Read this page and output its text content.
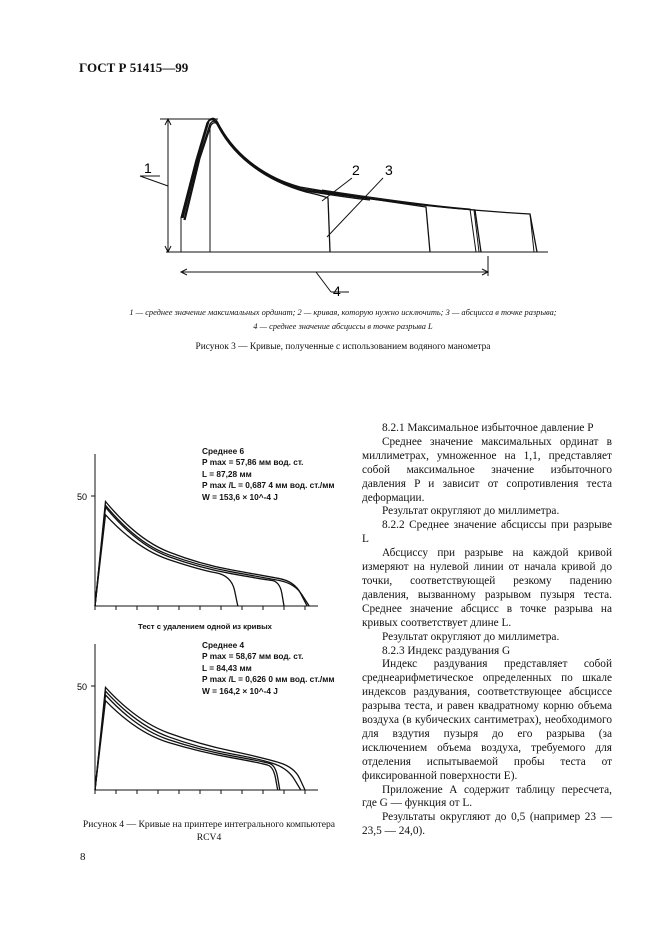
ГОСТ Р 51415—99
1	2 3
4
50
50
1 — среднее значение максимальных ординат; 2 — кривая, которую нужно исключить; 3 — абсцисса в точке разрыва;
4 — среднее значение абсциссы в точке разрыва L
Рисунок 3 — Кривые, полученные с использованием водяного манометра
Среднее 6
P max = 57,86 мм вод. ст.
L = 87,28 мм
P max /L = 0,687 4 мм вод. ст./мм
W = 153,6 × 10^-4 J
Тест с удалением одной из кривых
Среднее 4
P max = 58,67 мм вод. ст.
L = 84,43 мм
P max /L = 0,626 0 мм вод. ст./мм
W = 164,2 × 10^-4 J
Рисунок 4 — Кривые на принтере интегрального компьютера RCV4

8.2.1 Максимальное избыточное давление P

Среднее значение максимальных ординат в миллиметрах, умноженное на 1,1, представляет собой максимальное значение избыточного давления P и зависит от сопротивления теста деформации.

Результат округляют до миллиметра.

8.2.2 Среднее значение абсциссы при разрыве L

Абсциссу при разрыве на каждой кривой измеряют на нулевой линии от начала кривой до точки, соответствующей резкому падению давления, вызванному разрывом пузыря теста. Среднее значение абсцисс в точке разрыва на кривых соответствует длине L.

Результат округляют до миллиметра.

8.2.3 Индекс раздувания G

Индекс раздувания представляет собой среднеарифметическое определенных по шкале индексов раздувания, соответствующее абсциссе разрыва теста, и равен квадратному корню объема воздуха (в кубических сантиметрах), необходимого для вздутия пузыря до его разрыва (за исключением объема воздуха, требуемого для отделения испытываемой пробы теста от фиксированной поверхности E).

Приложение А содержит таблицу пересчета, где G — функция от L.

Результаты округляют до 0,5 (например 23 — 23,5 — 24,0).

8
